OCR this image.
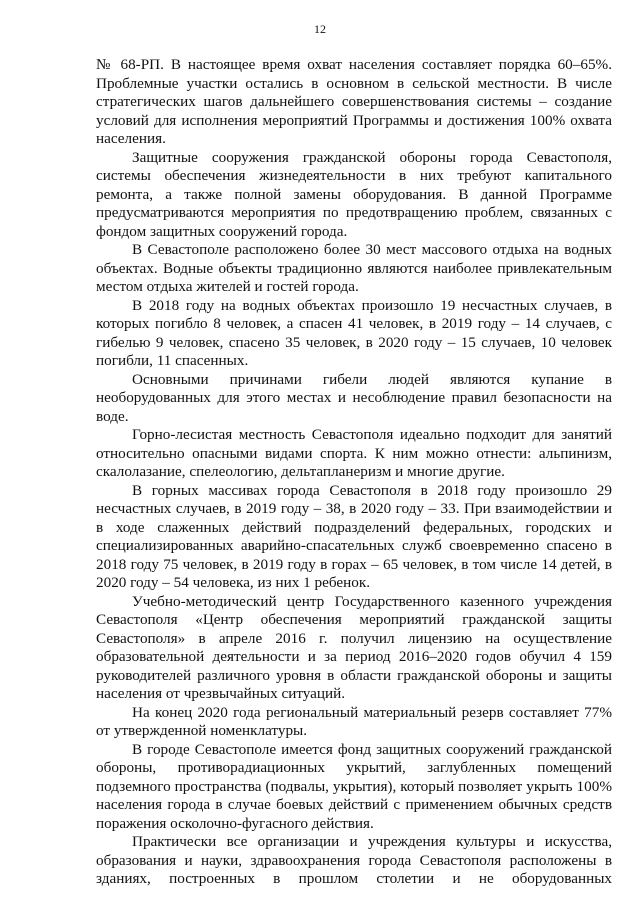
12

№ 68-РП. В настоящее время охват населения составляет порядка 60–65%. Проблемные участки остались в основном в сельской местности. В числе стратегических шагов дальнейшего совершенствования системы – создание условий для исполнения мероприятий Программы и достижения 100% охвата населения.

Защитные сооружения гражданской обороны города Севастополя, системы обеспечения жизнедеятельности в них требуют капитального ремонта, а также полной замены оборудования. В данной Программе предусматриваются мероприятия по предотвращению проблем, связанных с фондом защитных сооружений города.

В Севастополе расположено более 30 мест массового отдыха на водных объектах. Водные объекты традиционно являются наиболее привлекательным местом отдыха жителей и гостей города.

В 2018 году на водных объектах произошло 19 несчастных случаев, в которых погибло 8 человек, а спасен 41 человек, в 2019 году – 14 случаев, с гибелью 9 человек, спасено 35 человек, в 2020 году – 15 случаев, 10 человек погибли, 11 спасенных.

Основными причинами гибели людей являются купание в необорудованных для этого местах и несоблюдение правил безопасности на воде.

Горно-лесистая местность Севастополя идеально подходит для занятий относительно опасными видами спорта. К ним можно отнести: альпинизм, скалолазание, спелеологию, дельтапланеризм и многие другие.

В горных массивах города Севастополя в 2018 году произошло 29 несчастных случаев, в 2019 году – 38, в 2020 году – 33. При взаимодействии и в ходе слаженных действий подразделений федеральных, городских и специализированных аварийно-спасательных служб своевременно спасено в 2018 году 75 человек, в 2019 году в горах – 65 человек, в том числе 14 детей, в 2020 году – 54 человека, из них 1 ребенок.

Учебно-методический центр Государственного казенного учреждения Севастополя «Центр обеспечения мероприятий гражданской защиты Севастополя» в апреле 2016 г. получил лицензию на осуществление образовательной деятельности и за период 2016–2020 годов обучил 4 159 руководителей различного уровня в области гражданской обороны и защиты населения от чрезвычайных ситуаций.

На конец 2020 года региональный материальный резерв составляет 77% от утвержденной номенклатуры.

В городе Севастополе имеется фонд защитных сооружений гражданской обороны, противорадиационных укрытий, заглубленных помещений подземного пространства (подвалы, укрытия), который позволяет укрыть 100% населения города в случае боевых действий с применением обычных средств поражения осколочно-фугасного действия.

Практически все организации и учреждения культуры и искусства, образования и науки, здравоохранения города Севастополя расположены в зданиях, построенных в прошлом столетии и не оборудованных
